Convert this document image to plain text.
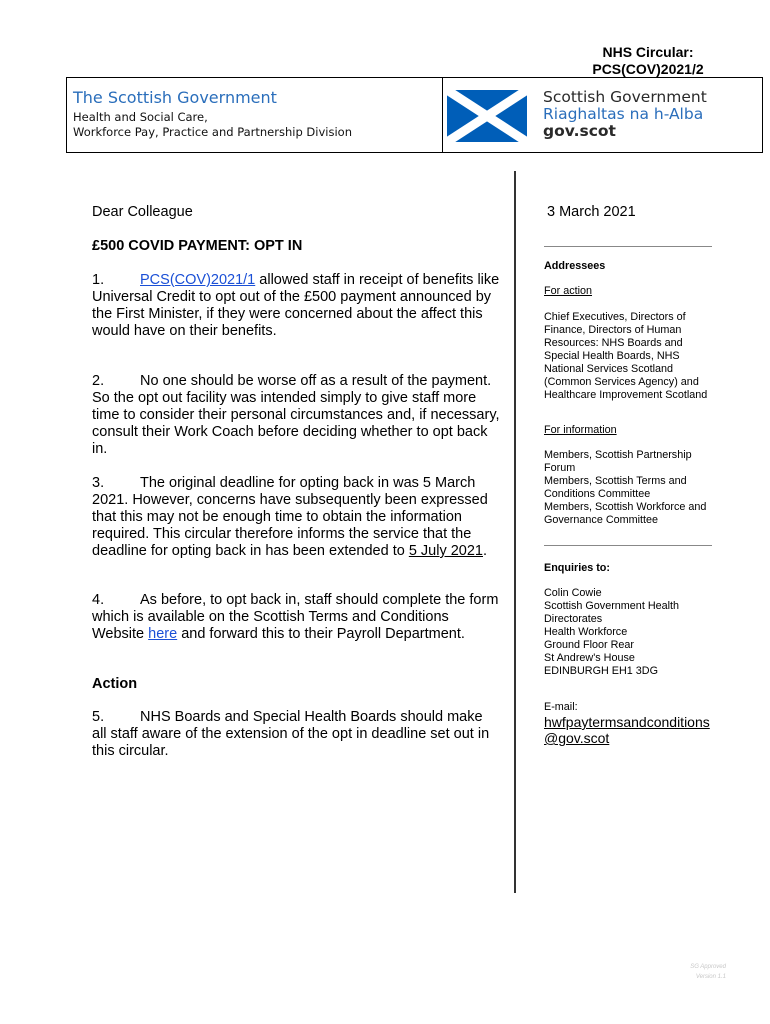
NHS Circular:
PCS(COV)2021/2
The Scottish Government
Health and Social Care,
Workforce Pay, Practice and Partnership Division
Scottish Government
Riaghaltas na h-Alba
gov.scot
Dear Colleague
£500 COVID PAYMENT: OPT IN
1. PCS(COV)2021/1 allowed staff in receipt of benefits like Universal Credit to opt out of the £500 payment announced by the First Minister, if they were concerned about the affect this would have on their benefits.
2. No one should be worse off as a result of the payment. So the opt out facility was intended simply to give staff more time to consider their personal circumstances and, if necessary, consult their Work Coach before deciding whether to opt back in.
3. The original deadline for opting back in was 5 March 2021. However, concerns have subsequently been expressed that this may not be enough time to obtain the information required. This circular therefore informs the service that the deadline for opting back in has been extended to 5 July 2021.
4. As before, to opt back in, staff should complete the form which is available on the Scottish Terms and Conditions Website here and forward this to their Payroll Department.
Action
5. NHS Boards and Special Health Boards should make all staff aware of the extension of the opt in deadline set out in this circular.
3 March 2021
Addressees
For action
Chief Executives, Directors of Finance, Directors of Human Resources: NHS Boards and Special Health Boards, NHS National Services Scotland (Common Services Agency) and Healthcare Improvement Scotland
For information
Members, Scottish Partnership Forum
Members, Scottish Terms and Conditions Committee
Members, Scottish Workforce and Governance Committee
Enquiries to:
Colin Cowie
Scottish Government Health Directorates
Health Workforce
Ground Floor Rear
St Andrew's House
EDINBURGH EH1 3DG
E-mail:
hwfpaytermsandconditions
@gov.scot
SG Approved
Version 1.1
